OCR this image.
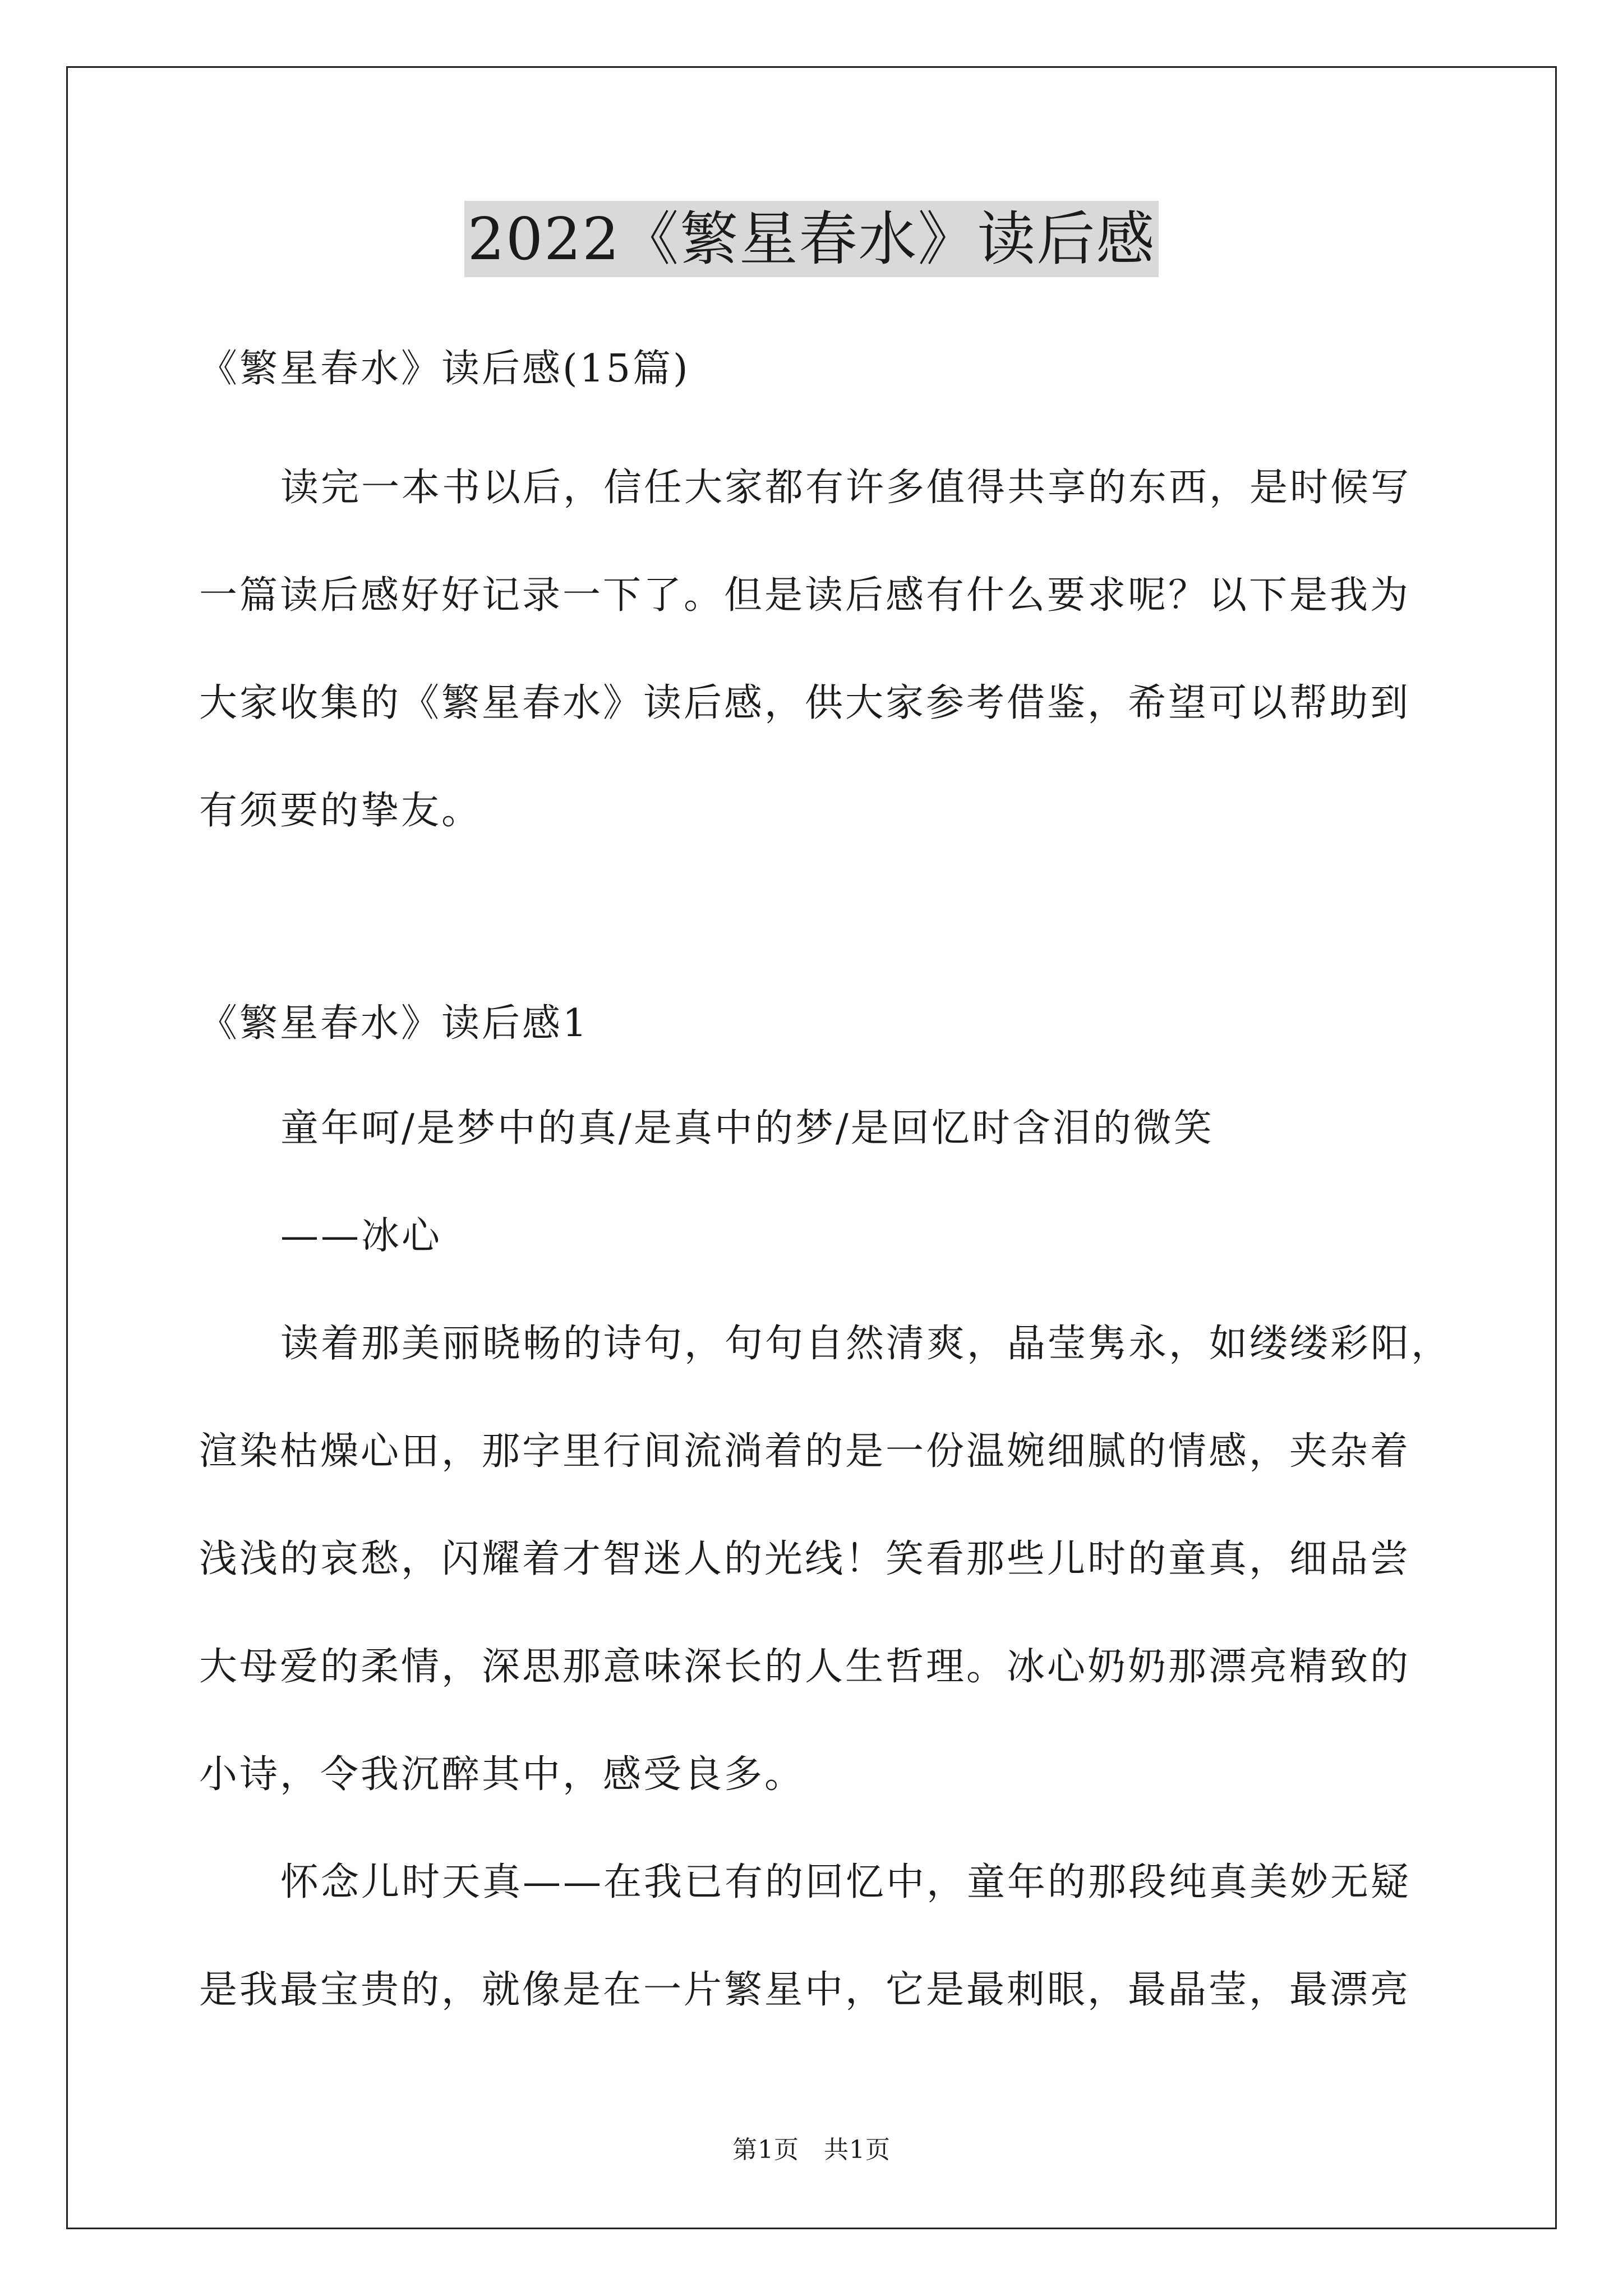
2022《繁星春水》读后感
《繁星春水》读后感(15篇)
读完一本书以后，信任大家都有许多值得共享的东西，是时候写
一篇读后感好好记录一下了。但是读后感有什么要求呢？以下是我为
大家收集的《繁星春水》读后感，供大家参考借鉴，希望可以帮助到
有须要的挚友。
《繁星春水》读后感1
童年呵/是梦中的真/是真中的梦/是回忆时含泪的微笑
——冰心
读着那美丽晓畅的诗句，句句自然清爽，晶莹隽永，如缕缕彩阳，
渲染枯燥心田，那字里行间流淌着的是一份温婉细腻的情感，夹杂着
浅浅的哀愁，闪耀着才智迷人的光线！笑看那些儿时的童真，细品尝
大母爱的柔情，深思那意味深长的人生哲理。冰心奶奶那漂亮精致的
小诗，令我沉醉其中，感受良多。
怀念儿时天真——在我已有的回忆中，童年的那段纯真美妙无疑
是我最宝贵的，就像是在一片繁星中，它是最刺眼，最晶莹，最漂亮
第1页 共1页
